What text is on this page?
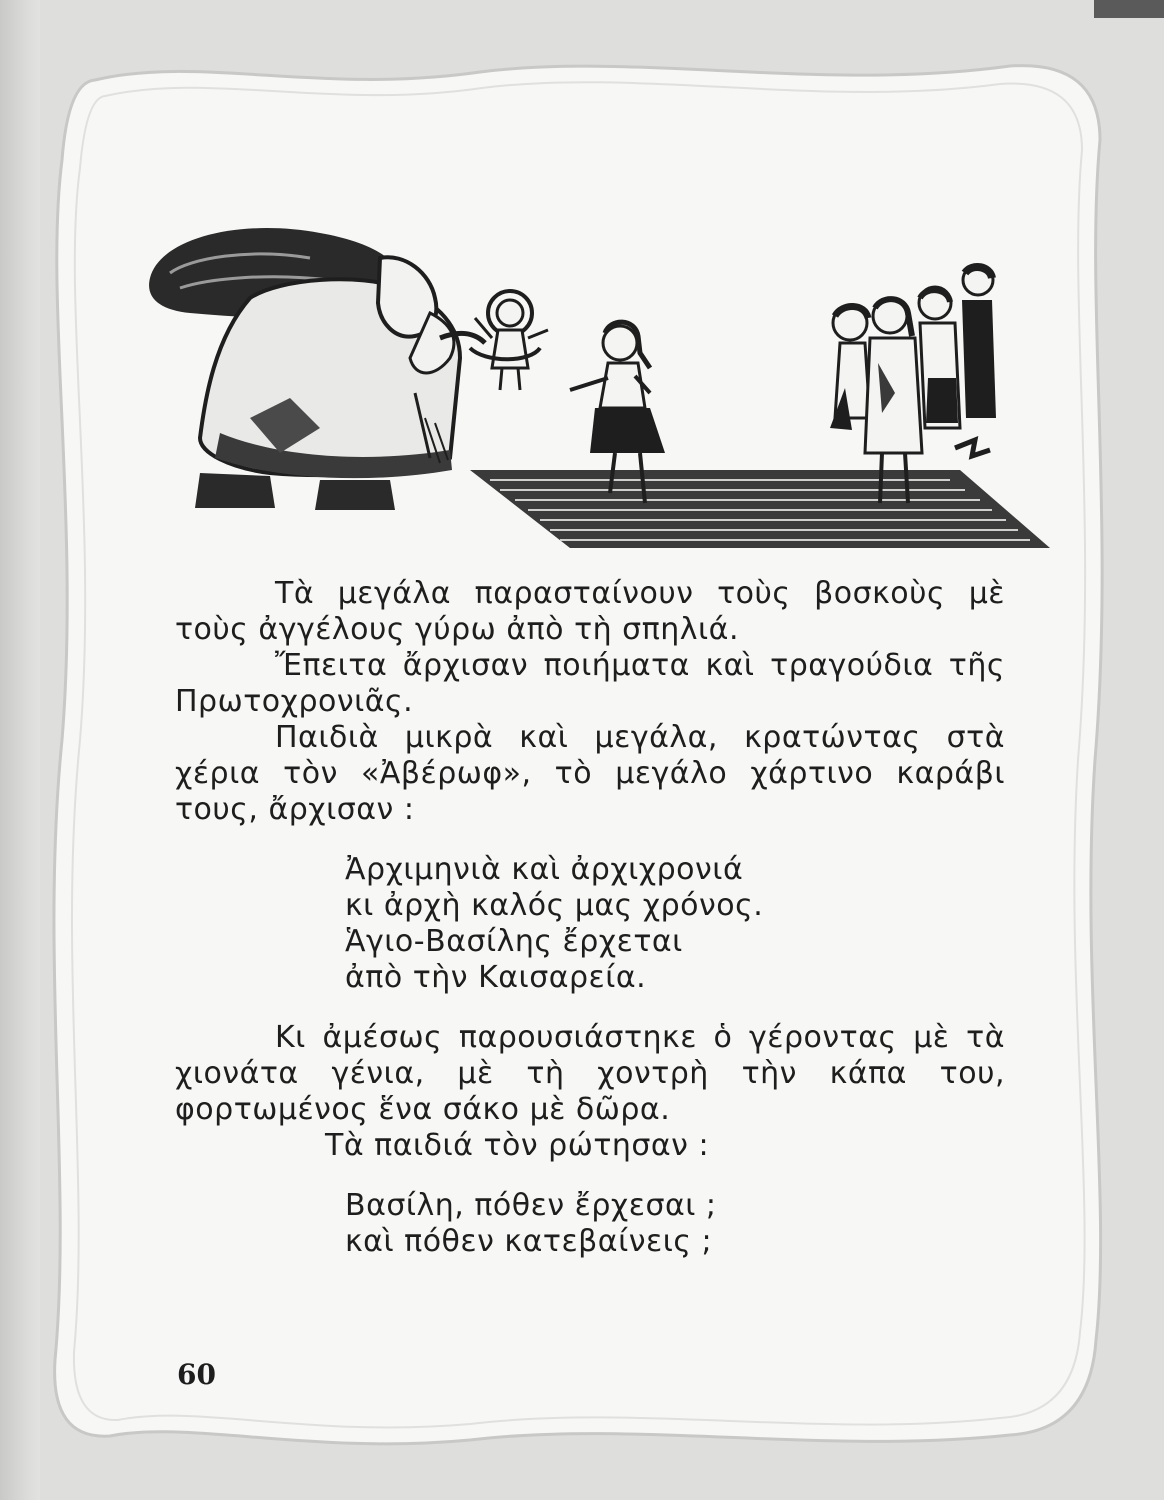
Τὰ μεγάλα παρασταίνουν τοὺς βοσκοὺς μὲ τοὺς ἀγγέλους γύρω ἀπὸ τὴ σπηλιά.

Ἔπειτα ἄρχισαν ποιήματα καὶ τραγούδια τῆς Πρωτοχρονιᾶς.

Παιδιὰ μικρὰ καὶ μεγάλα, κρατώντας στὰ χέρια τὸν «Ἀβέρωφ», τὸ μεγάλο χάρτινο καράβι τους, ἄρχισαν :

Ἀρχιμηνιὰ καὶ ἀρχιχρονιά
κι ἀρχὴ καλός μας χρόνος.
Ἁγιο-Βασίλης ἔρχεται
ἀπὸ τὴν Καισαρεία.

Κι ἀμέσως παρουσιάστηκε ὁ γέροντας μὲ τὰ χιονάτα γένια, μὲ τὴ χοντρὴ τὴν κάπα του, φορτωμένος ἕνα σάκο μὲ δῶρα.

Τὰ παιδιά τὸν ρώτησαν :

Βασίλη, πόθεν ἔρχεσαι ;
καὶ πόθεν κατεβαίνεις ;
60
